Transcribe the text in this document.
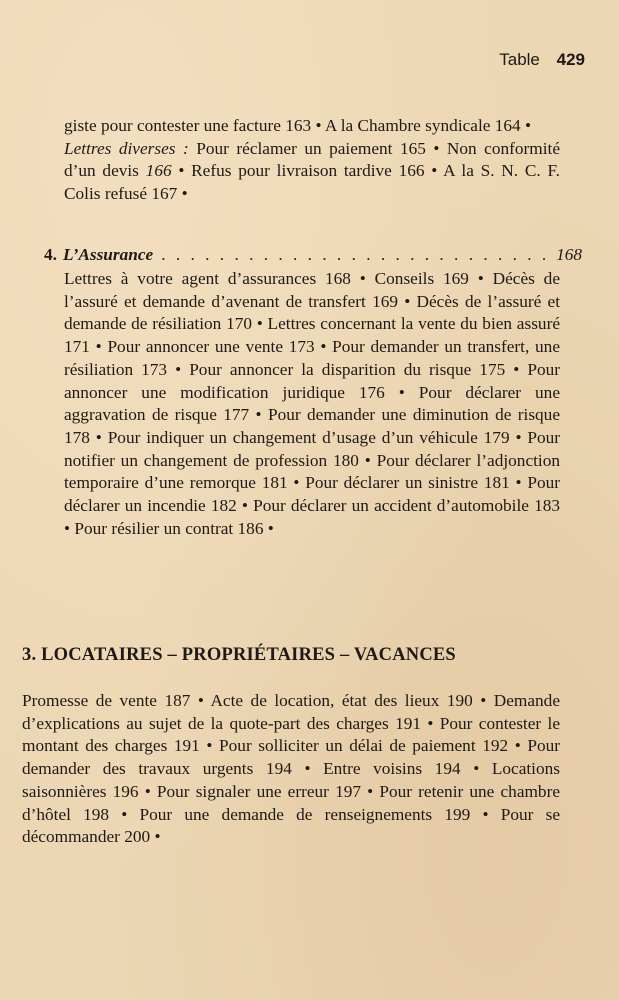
Table 429

giste pour contester une facture 163 • A la Chambre syndicale 164 •

Lettres diverses : Pour réclamer un paiement 165 • Non conformité d’un devis 166 • Refus pour livraison tardive 166 • A la S. N. C. F. Colis refusé 167 •

4. L’Assurance
. . .	168

Lettres à votre agent d’assurances 168 • Conseils 169 • Décès de l’assuré et demande d’avenant de transfert 169 • Décès de l’assuré et demande de résiliation 170 • Lettres concernant la vente du bien assuré 171 • Pour annoncer une vente 173 • Pour demander un transfert, une résiliation 173 • Pour annoncer la disparition du risque 175 • Pour annoncer une modification juridique 176 • Pour déclarer une aggravation de risque 177 • Pour demander une diminution de risque 178 • Pour indiquer un changement d’usage d’un véhicule 179 • Pour notifier un changement de profession 180 • Pour déclarer l’adjonction temporaire d’une remorque 181 • Pour déclarer un sinistre 181 • Pour déclarer un incendie 182 • Pour déclarer un accident d’automobile 183 • Pour résilier un contrat 186 •

3. LOCATAIRES – PROPRIÉTAIRES – VACANCES

Promesse de vente 187 • Acte de location, état des lieux 190 • Demande d’explications au sujet de la quote-part des charges 191 • Pour contester le montant des charges 191 • Pour solliciter un délai de paiement 192 • Pour demander des travaux urgents 194 • Entre voisins 194 • Locations saisonnières 196 • Pour signaler une erreur 197 • Pour retenir une chambre d’hôtel 198 • Pour une demande de renseignements 199 • Pour se décommander 200 •
